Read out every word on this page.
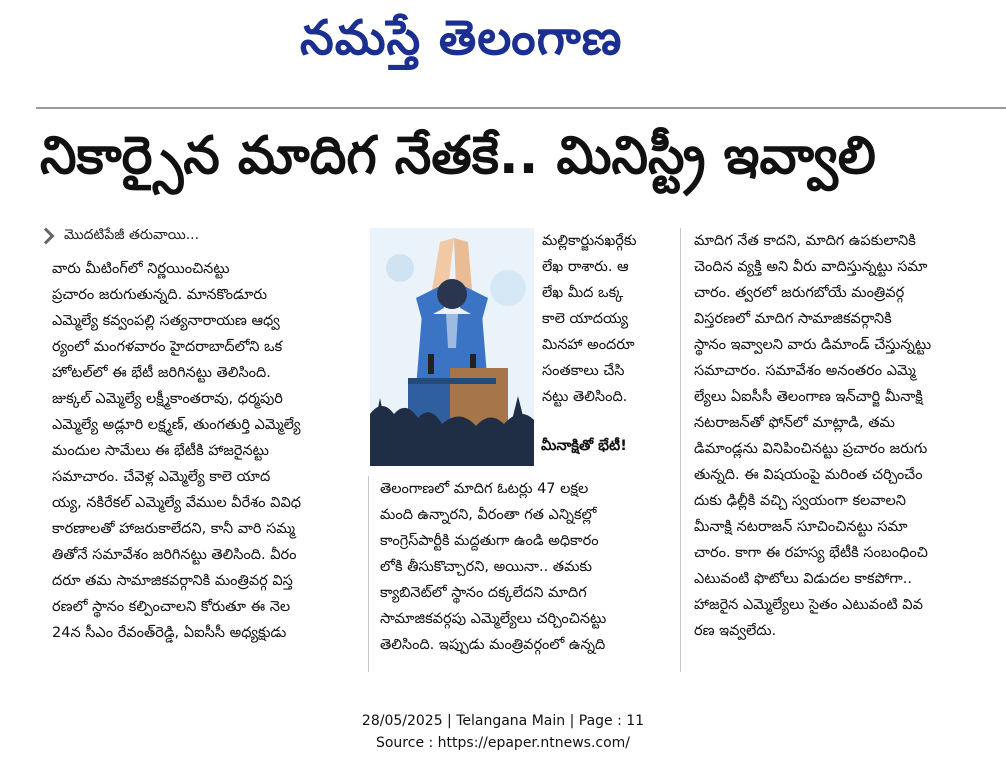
నమస్తే తెలంగాణ
నికార్సైన మాదిగ నేతకే.. మినిస్ట్రీ ఇవ్వాలి
మొదటిపేజీ తరువాయి...
వారు మీటింగ్‌లో నిర్ణయించినట్టు
ప్రచారం జరుగుతున్నది. మానకొండూరు
ఎమ్మెల్యే కవ్వంపల్లి సత్యనారాయణ ఆధ్వ
ర్యంలో మంగళవారం హైదరాబాద్‌లోని ఒక
హోటల్‌లో ఈ భేటీ జరిగినట్టు తెలిసింది.
జుక్కల్ ఎమ్మెల్యే లక్ష్మీకాంతరావు, ధర్మపురి
ఎమ్మెల్యే అడ్లూరి లక్ష్మణ్, తుంగతుర్తి ఎమ్మెల్యే
మందుల సామేలు ఈ భేటీకి హాజరైనట్టు
సమాచారం. చేవెళ్ల ఎమ్మెల్యే కాలె యాద
య్య, నకిరేకల్ ఎమ్మెల్యే వేముల వీరేశం వివిధ
కారణాలతో హాజరుకాలేదని, కానీ వారి సమ్మ
తితోనే సమావేశం జరిగినట్టు తెలిసింది. వీరం
దరూ తమ సామాజికవర్గానికి మంత్రివర్గ విస్త
రణలో స్థానం కల్పించాలని కోరుతూ ఈ నెల
24న సీఎం రేవంత్‌రెడ్డి, ఏఐసీసీ అధ్యక్షుడు
మల్లికార్జునఖర్గేకు
లేఖ రాశారు. ఆ
లేఖ మీద ఒక్క
కాలె యాదయ్య
మినహా అందరూ
సంతకాలు చేసి
నట్టు తెలిసింది.
మీనాక్షితో భేటీ!
తెలంగాణలో మాదిగ ఓటర్లు 47 లక్షల
మంది ఉన్నారని, వీరంతా గత ఎన్నికల్లో
కాంగ్రెస్‌పార్టీకి మద్దతుగా ఉండి అధికారం
లోకి తీసుకొచ్చారని, అయినా.. తమకు
క్యాబినెట్‌లో స్థానం దక్కలేదని మాదిగ
సామాజికవర్గపు ఎమ్మెల్యేలు చర్చించినట్టు
తెలిసింది. ఇప్పుడు మంత్రివర్గంలో ఉన్నది
మాదిగ నేత కాదని, మాదిగ ఉపకులానికి
చెందిన వ్యక్తి అని వీరు వాదిస్తున్నట్టు సమా
చారం. త్వరలో జరుగబోయే మంత్రివర్గ
విస్తరణలో మాదిగ సామాజికవర్గానికి
స్థానం ఇవ్వాలని వారు డిమాండ్ చేస్తున్నట్టు
సమాచారం. సమావేశం అనంతరం ఎమ్మె
ల్యేలు ఏఐసీసీ తెలంగాణ ఇన్‌చార్జి మీనాక్షి
నటరాజన్‌తో ఫోన్‌లో మాట్లాడి, తమ
డిమాండ్లను వినిపించినట్టు ప్రచారం జరుగు
తున్నది. ఈ విషయంపై మరింత చర్చించేం
దుకు ఢిల్లీకి వచ్చి స్వయంగా కలవాలని
మీనాక్షి నటరాజన్ సూచించినట్టు సమా
చారం. కాగా ఈ రహస్య భేటీకి సంబంధించి
ఎటువంటి ఫొటోలు విడుదల కాకపోగా..
హాజరైన ఎమ్మెల్యేలు సైతం ఎటువంటి వివ
రణ ఇవ్వలేదు.
28/05/2025 | Telangana Main | Page : 11
Source : https://epaper.ntnews.com/
